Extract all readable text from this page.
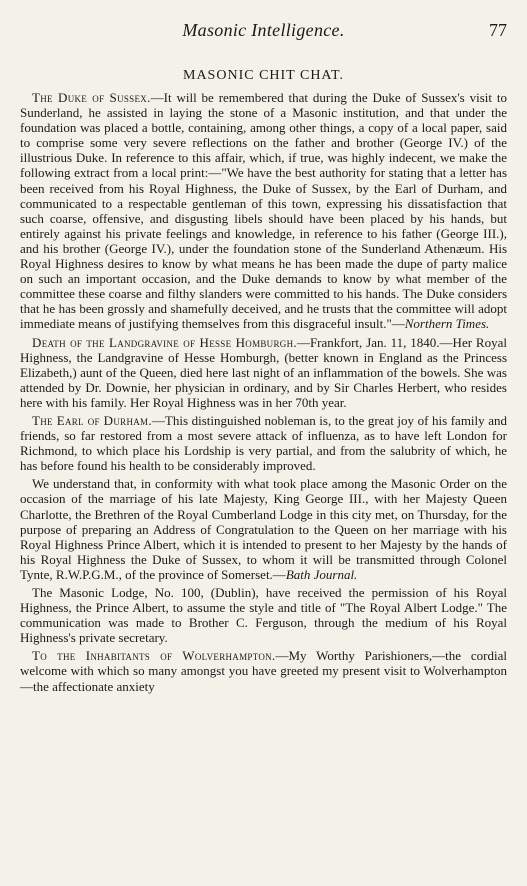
Masonic Intelligence.	77
MASONIC CHIT CHAT.

The Duke of Sussex.—It will be remembered that during the Duke of Sussex's visit to Sunderland, he assisted in laying the stone of a Masonic institution, and that under the foundation was placed a bottle, containing, among other things, a copy of a local paper, said to comprise some very severe reflections on the father and brother (George IV.) of the illustrious Duke. In reference to this affair, which, if true, was highly indecent, we make the following extract from a local print:—"We have the best authority for stating that a letter has been received from his Royal Highness, the Duke of Sussex, by the Earl of Durham, and communicated to a respectable gentleman of this town, expressing his dissatisfaction that such coarse, offensive, and disgusting libels should have been placed by his hands, but entirely against his private feelings and knowledge, in reference to his father (George III.), and his brother (George IV.), under the foundation stone of the Sunderland Athenæum. His Royal Highness desires to know by what means he has been made the dupe of party malice on such an important occasion, and the Duke demands to know by what member of the committee these coarse and filthy slanders were committed to his hands. The Duke considers that he has been grossly and shamefully deceived, and he trusts that the committee will adopt immediate means of justifying themselves from this disgraceful insult."—Northern Times.

Death of the Landgravine of Hesse Homburgh.—Frankfort, Jan. 11, 1840.—Her Royal Highness, the Landgravine of Hesse Homburgh, (better known in England as the Princess Elizabeth,) aunt of the Queen, died here last night of an inflammation of the bowels. She was attended by Dr. Downie, her physician in ordinary, and by Sir Charles Herbert, who resides here with his family. Her Royal Highness was in her 70th year.

The Earl of Durham.—This distinguished nobleman is, to the great joy of his family and friends, so far restored from a most severe attack of influenza, as to have left London for Richmond, to which place his Lordship is very partial, and from the salubrity of which, he has before found his health to be considerably improved.

We understand that, in conformity with what took place among the Masonic Order on the occasion of the marriage of his late Majesty, King George III., with her Majesty Queen Charlotte, the Brethren of the Royal Cumberland Lodge in this city met, on Thursday, for the purpose of preparing an Address of Congratulation to the Queen on her marriage with his Royal Highness Prince Albert, which it is intended to present to her Majesty by the hands of his Royal Highness the Duke of Sussex, to whom it will be transmitted through Colonel Tynte, R.W.P.G.M., of the province of Somerset.—Bath Journal.

The Masonic Lodge, No. 100, (Dublin), have received the permission of his Royal Highness, the Prince Albert, to assume the style and title of "The Royal Albert Lodge." The communication was made to Brother C. Ferguson, through the medium of his Royal Highness's private secretary.

To the Inhabitants of Wolverhampton.—My Worthy Parishioners,—the cordial welcome with which so many amongst you have greeted my present visit to Wolverhampton—the affectionate anxiety
